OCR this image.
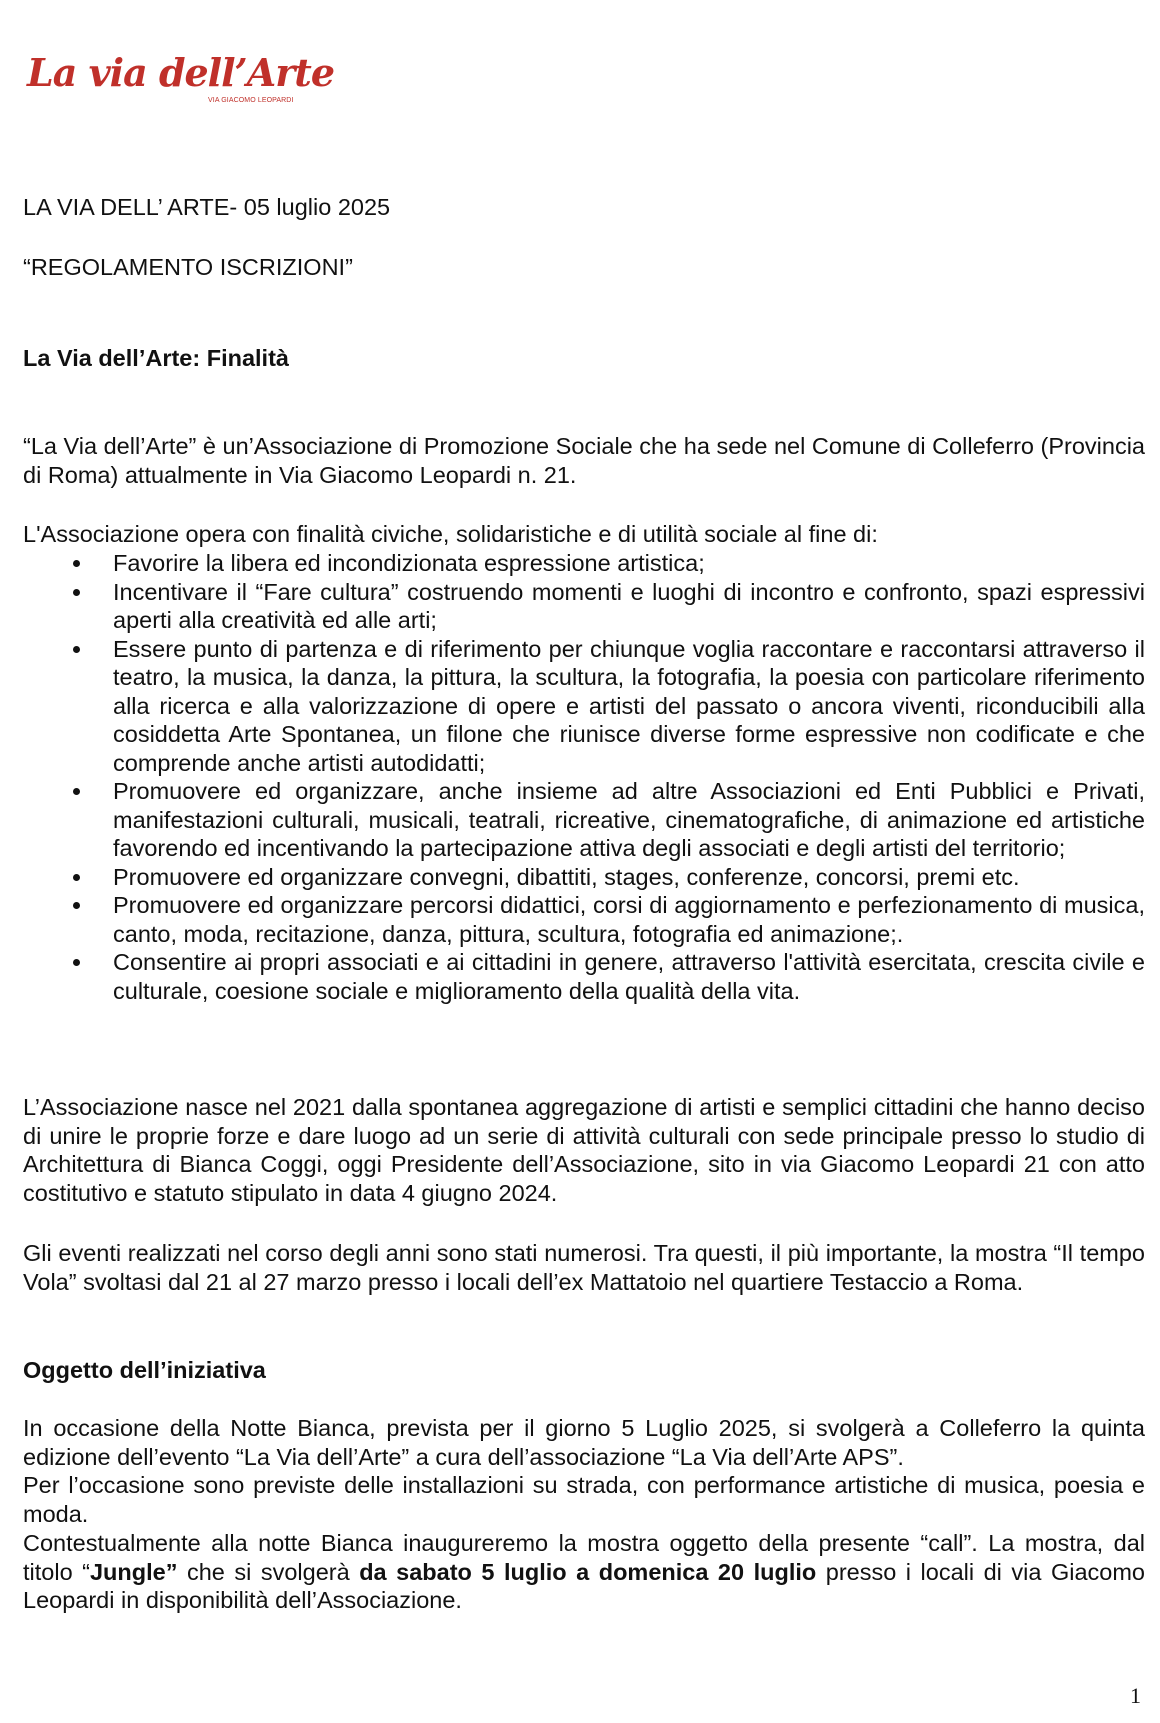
La via dell’Arte
VIA GIACOMO LEOPARDI
LA VIA DELL’ ARTE- 05 luglio 2025
“REGOLAMENTO ISCRIZIONI”
La Via dell’Arte: Finalità
“La Via dell’Arte” è un’Associazione di Promozione Sociale che ha sede nel Comune di Colleferro (Provincia di Roma) attualmente in Via Giacomo Leopardi n. 21.
L'Associazione opera con finalità civiche, solidaristiche e di utilità sociale al fine di:
Favorire la libera ed incondizionata espressione artistica;
Incentivare il “Fare cultura” costruendo momenti e luoghi di incontro e confronto, spazi espressivi aperti alla creatività ed alle arti;
Essere punto di partenza e di riferimento per chiunque voglia raccontare e raccontarsi attraverso il teatro, la musica, la danza, la pittura, la scultura, la fotografia, la poesia con particolare riferimento alla ricerca e alla valorizzazione di opere e artisti del passato o ancora viventi, riconducibili alla cosiddetta Arte Spontanea, un filone che riunisce diverse forme espressive non codificate e che comprende anche artisti autodidatti;
Promuovere ed organizzare, anche insieme ad altre Associazioni ed Enti Pubblici e Privati, manifestazioni culturali, musicali, teatrali, ricreative, cinematografiche, di animazione ed artistiche favorendo ed incentivando la partecipazione attiva degli associati e degli artisti del territorio;
Promuovere ed organizzare convegni, dibattiti, stages, conferenze, concorsi, premi etc.
Promuovere ed organizzare percorsi didattici, corsi di aggiornamento e perfezionamento di musica, canto, moda, recitazione, danza, pittura, scultura, fotografia ed animazione;.
Consentire ai propri associati e ai cittadini in genere, attraverso l'attività esercitata, crescita civile e culturale, coesione sociale e miglioramento della qualità della vita.
L’Associazione nasce nel 2021 dalla spontanea aggregazione di artisti e semplici cittadini che hanno deciso di unire le proprie forze e dare luogo ad un serie di attività culturali con sede principale presso lo studio di Architettura di Bianca Coggi, oggi Presidente dell’Associazione, sito in via Giacomo Leopardi 21 con atto costitutivo e statuto stipulato in data 4 giugno 2024.
Gli eventi realizzati nel corso degli anni sono stati numerosi. Tra questi, il più importante, la mostra “Il tempo Vola” svoltasi dal 21 al 27 marzo presso i locali dell’ex Mattatoio nel quartiere Testaccio a Roma.
Oggetto dell’iniziativa
In occasione della Notte Bianca, prevista per il giorno 5 Luglio 2025, si svolgerà a Colleferro la quinta edizione dell’evento “La Via dell’Arte” a cura dell’associazione “La Via dell’Arte APS”.
Per l’occasione sono previste delle installazioni su strada, con performance artistiche di musica, poesia e moda.
Contestualmente alla notte Bianca inaugureremo la mostra oggetto della presente “call”. La mostra, dal titolo “Jungle” che si svolgerà da sabato 5 luglio a domenica 20 luglio presso i locali di via Giacomo Leopardi in disponibilità dell’Associazione.
1
